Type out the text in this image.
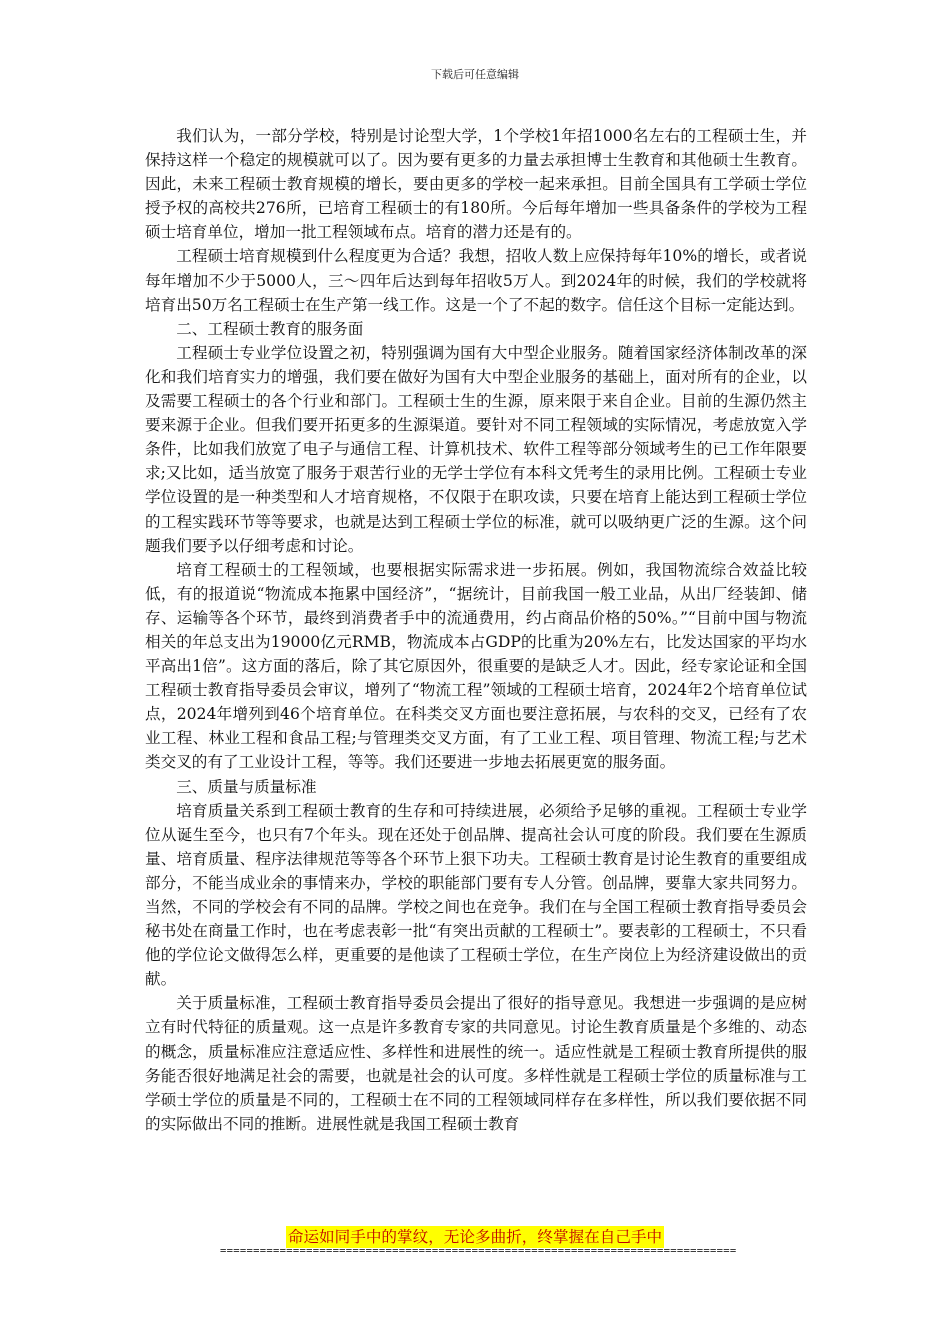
下载后可任意编辑

我们认为，一部分学校，特别是讨论型大学，1个学校1年招1000名左右的工程硕士生，并保持这样一个稳定的规模就可以了。因为要有更多的力量去承担博士生教育和其他硕士生教育。因此，未来工程硕士教育规模的增长，要由更多的学校一起来承担。目前全国具有工学硕士学位授予权的高校共276所，已培育工程硕士的有180所。今后每年增加一些具备条件的学校为工程硕士培育单位，增加一批工程领域布点。培育的潜力还是有的。

工程硕士培育规模到什么程度更为合适？我想，招收人数上应保持每年10%的增长，或者说每年增加不少于5000人，三～四年后达到每年招收5万人。到2024年的时候，我们的学校就将培育出50万名工程硕士在生产第一线工作。这是一个了不起的数字。信任这个目标一定能达到。

二、工程硕士教育的服务面

工程硕士专业学位设置之初，特别强调为国有大中型企业服务。随着国家经济体制改革的深化和我们培育实力的增强，我们要在做好为国有大中型企业服务的基础上，面对所有的企业，以及需要工程硕士的各个行业和部门。工程硕士生的生源，原来限于来自企业。目前的生源仍然主要来源于企业。但我们要开拓更多的生源渠道。要针对不同工程领域的实际情况，考虑放宽入学条件，比如我们放宽了电子与通信工程、计算机技术、软件工程等部分领域考生的已工作年限要求;又比如，适当放宽了服务于艰苦行业的无学士学位有本科文凭考生的录用比例。工程硕士专业学位设置的是一种类型和人才培育规格，不仅限于在职攻读，只要在培育上能达到工程硕士学位的工程实践环节等等要求，也就是达到工程硕士学位的标准，就可以吸纳更广泛的生源。这个问题我们要予以仔细考虑和讨论。

培育工程硕士的工程领域，也要根据实际需求进一步拓展。例如，我国物流综合效益比较低，有的报道说“物流成本拖累中国经济”，“据统计，目前我国一般工业品，从出厂经装卸、储存、运输等各个环节，最终到消费者手中的流通费用，约占商品价格的50%。”“目前中国与物流相关的年总支出为19000亿元RMB，物流成本占GDP的比重为20%左右，比发达国家的平均水平高出1倍”。这方面的落后，除了其它原因外，很重要的是缺乏人才。因此，经专家论证和全国工程硕士教育指导委员会审议，增列了“物流工程”领域的工程硕士培育，2024年2个培育单位试点，2024年增列到46个培育单位。在科类交叉方面也要注意拓展，与农科的交叉，已经有了农业工程、林业工程和食品工程;与管理类交叉方面，有了工业工程、项目管理、物流工程;与艺术类交叉的有了工业设计工程，等等。我们还要进一步地去拓展更宽的服务面。

三、质量与质量标准

培育质量关系到工程硕士教育的生存和可持续进展，必须给予足够的重视。工程硕士专业学位从诞生至今，也只有7个年头。现在还处于创品牌、提高社会认可度的阶段。我们要在生源质量、培育质量、程序法律规范等等各个环节上狠下功夫。工程硕士教育是讨论生教育的重要组成部分，不能当成业余的事情来办，学校的职能部门要有专人分管。创品牌，要靠大家共同努力。当然，不同的学校会有不同的品牌。学校之间也在竞争。我们在与全国工程硕士教育指导委员会秘书处在商量工作时，也在考虑表彰一批“有突出贡献的工程硕士”。要表彰的工程硕士，不只看他的学位论文做得怎么样，更重要的是他读了工程硕士学位，在生产岗位上为经济建设做出的贡献。

关于质量标准，工程硕士教育指导委员会提出了很好的指导意见。我想进一步强调的是应树立有时代特征的质量观。这一点是许多教育专家的共同意见。讨论生教育质量是个多维的、动态的概念，质量标准应注意适应性、多样性和进展性的统一。适应性就是工程硕士教育所提供的服务能否很好地满足社会的需要，也就是社会的认可度。多样性就是工程硕士学位的质量标准与工学硕士学位的质量是不同的，工程硕士在不同的工程领域同样存在多样性，所以我们要依据不同的实际做出不同的推断。进展性就是我国工程硕士教育

命运如同手中的掌纹，无论多曲折，终掌握在自己手中
==============================================================================
